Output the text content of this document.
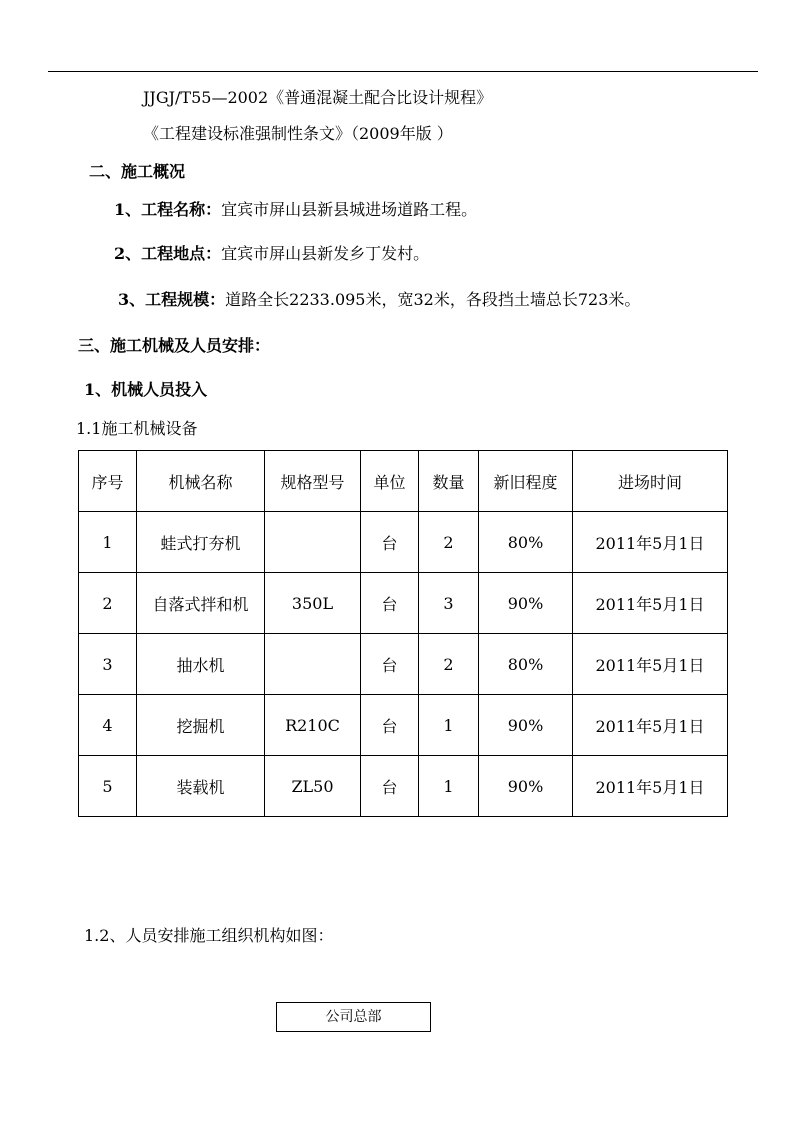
JJGJ/T55—2002《普通混凝土配合比设计规程》
《工程建设标准强制性条文》（2009年版 ）
二、施工概况
1、工程名称：宜宾市屏山县新县城进场道路工程。
2、工程地点：宜宾市屏山县新发乡丁发村。
3、工程规模：道路全长2233.095米，宽32米，各段挡土墙总长723米。
三、施工机械及人员安排：
1、机械人员投入
1.1施工机械设备
序号	机械名称	规格型号	单位	数量	新旧程度	进场时间
1	蛙式打夯机		台	2	80%	2011年5月1日
2	自落式拌和机	350L	台	3	90%	2011年5月1日
3	抽水机		台	2	80%	2011年5月1日
4	挖掘机	R210C	台	1	90%	2011年5月1日
5	装载机	ZL50	台	1	90%	2011年5月1日
1.2、人员安排施工组织机构如图：
公司总部
